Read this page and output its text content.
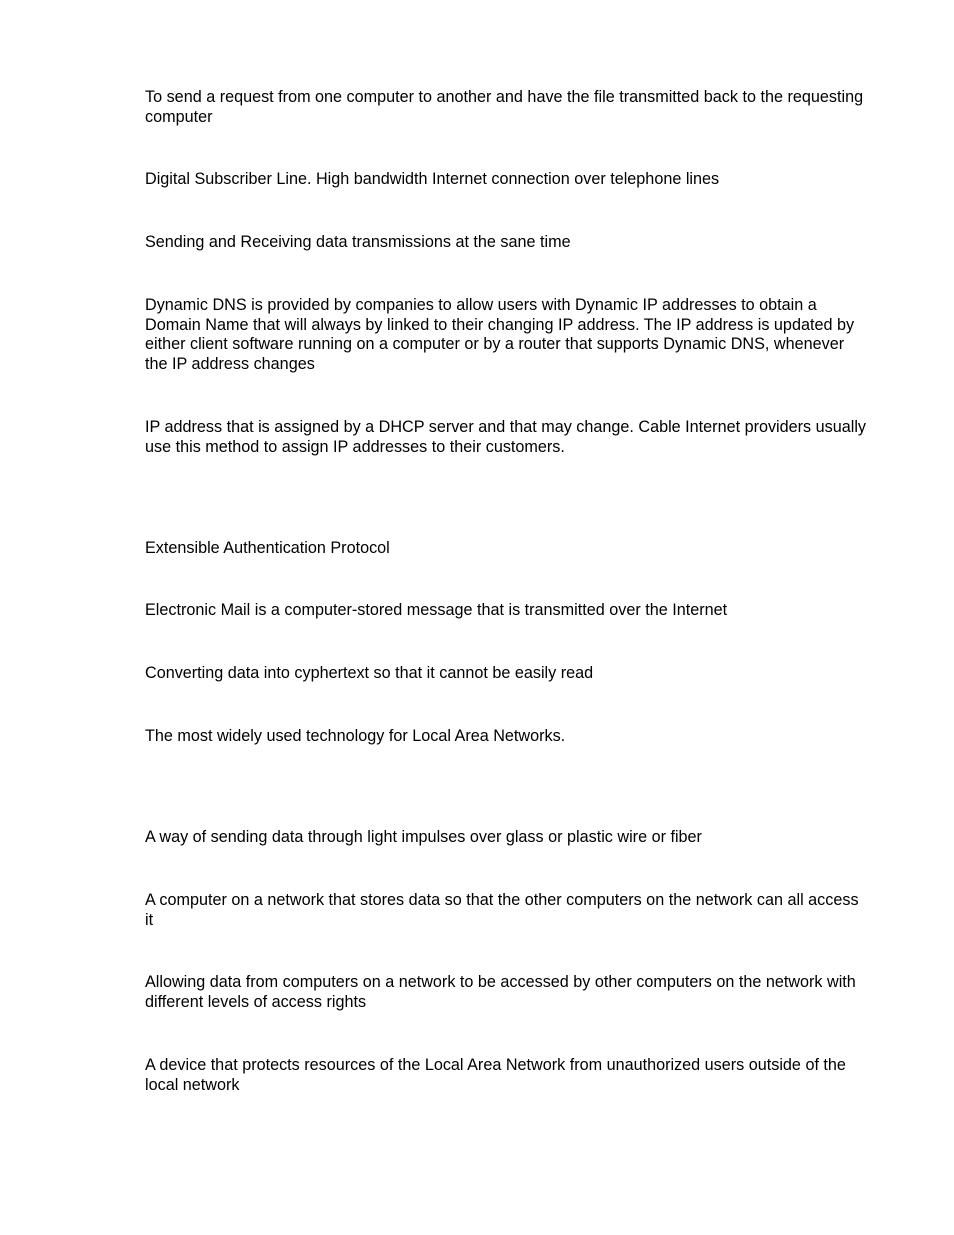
To send a request from one computer to another and have the file transmitted back to the requesting computer

Digital Subscriber Line. High bandwidth Internet connection over telephone lines

Sending and Receiving data transmissions at the sane time

Dynamic DNS is provided by companies to allow users with Dynamic IP addresses to obtain a Domain Name that will always by linked to their changing IP address. The IP address is updated by either client software running on a computer or by a router that supports Dynamic DNS, whenever the IP address changes

IP address that is assigned by a DHCP server and that may change. Cable Internet providers usually use this method to assign IP addresses to their customers.

Extensible Authentication Protocol

Electronic Mail is a computer-stored message that is transmitted over the Internet

Converting data into cyphertext so that it cannot be easily read

The most widely used technology for Local Area Networks.

A way of sending data through light impulses over glass or plastic wire or fiber

A computer on a network that stores data so that the other computers on the network can all access it

Allowing data from computers on a network to be accessed by other computers on the network with different levels of access rights

A device that protects resources of the Local Area Network from unauthorized users outside of the local network
